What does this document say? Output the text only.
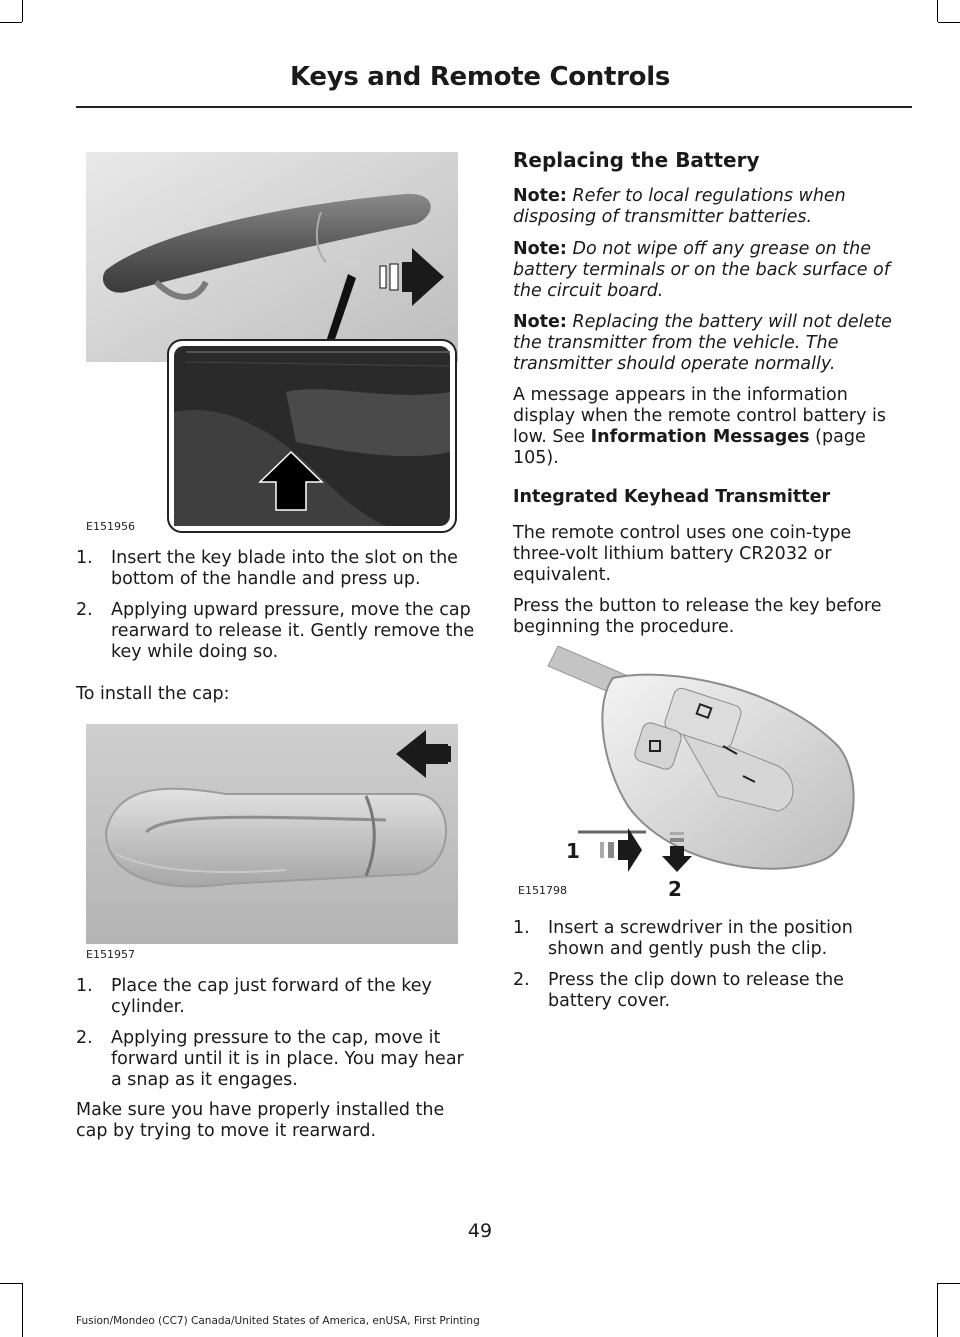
Keys and Remote Controls
E151956
1. Insert the key blade into the slot on the bottom of the handle and press up.
2. Applying upward pressure, move the cap rearward to release it. Gently remove the key while doing so.

To install the cap:

E151957
1. Place the cap just forward of the key cylinder.
2. Applying pressure to the cap, move it forward until it is in place. You may hear a snap as it engages.

Make sure you have properly installed the cap by trying to move it rearward.

Replacing the Battery

Note: Refer to local regulations when disposing of transmitter batteries.

Note: Do not wipe off any grease on the battery terminals or on the back surface of the circuit board.

Note: Replacing the battery will not delete the transmitter from the vehicle. The transmitter should operate normally.

A message appears in the information display when the remote control battery is low. See Information Messages (page 105).

Integrated Keyhead Transmitter

The remote control uses one coin-type three-volt lithium battery CR2032 or equivalent.

Press the button to release the key before beginning the procedure.

1
2
E151798
1. Insert a screwdriver in the position shown and gently push the clip.
2. Press the clip down to release the battery cover.
49
Fusion/Mondeo (CC7) Canada/United States of America, enUSA, First Printing
